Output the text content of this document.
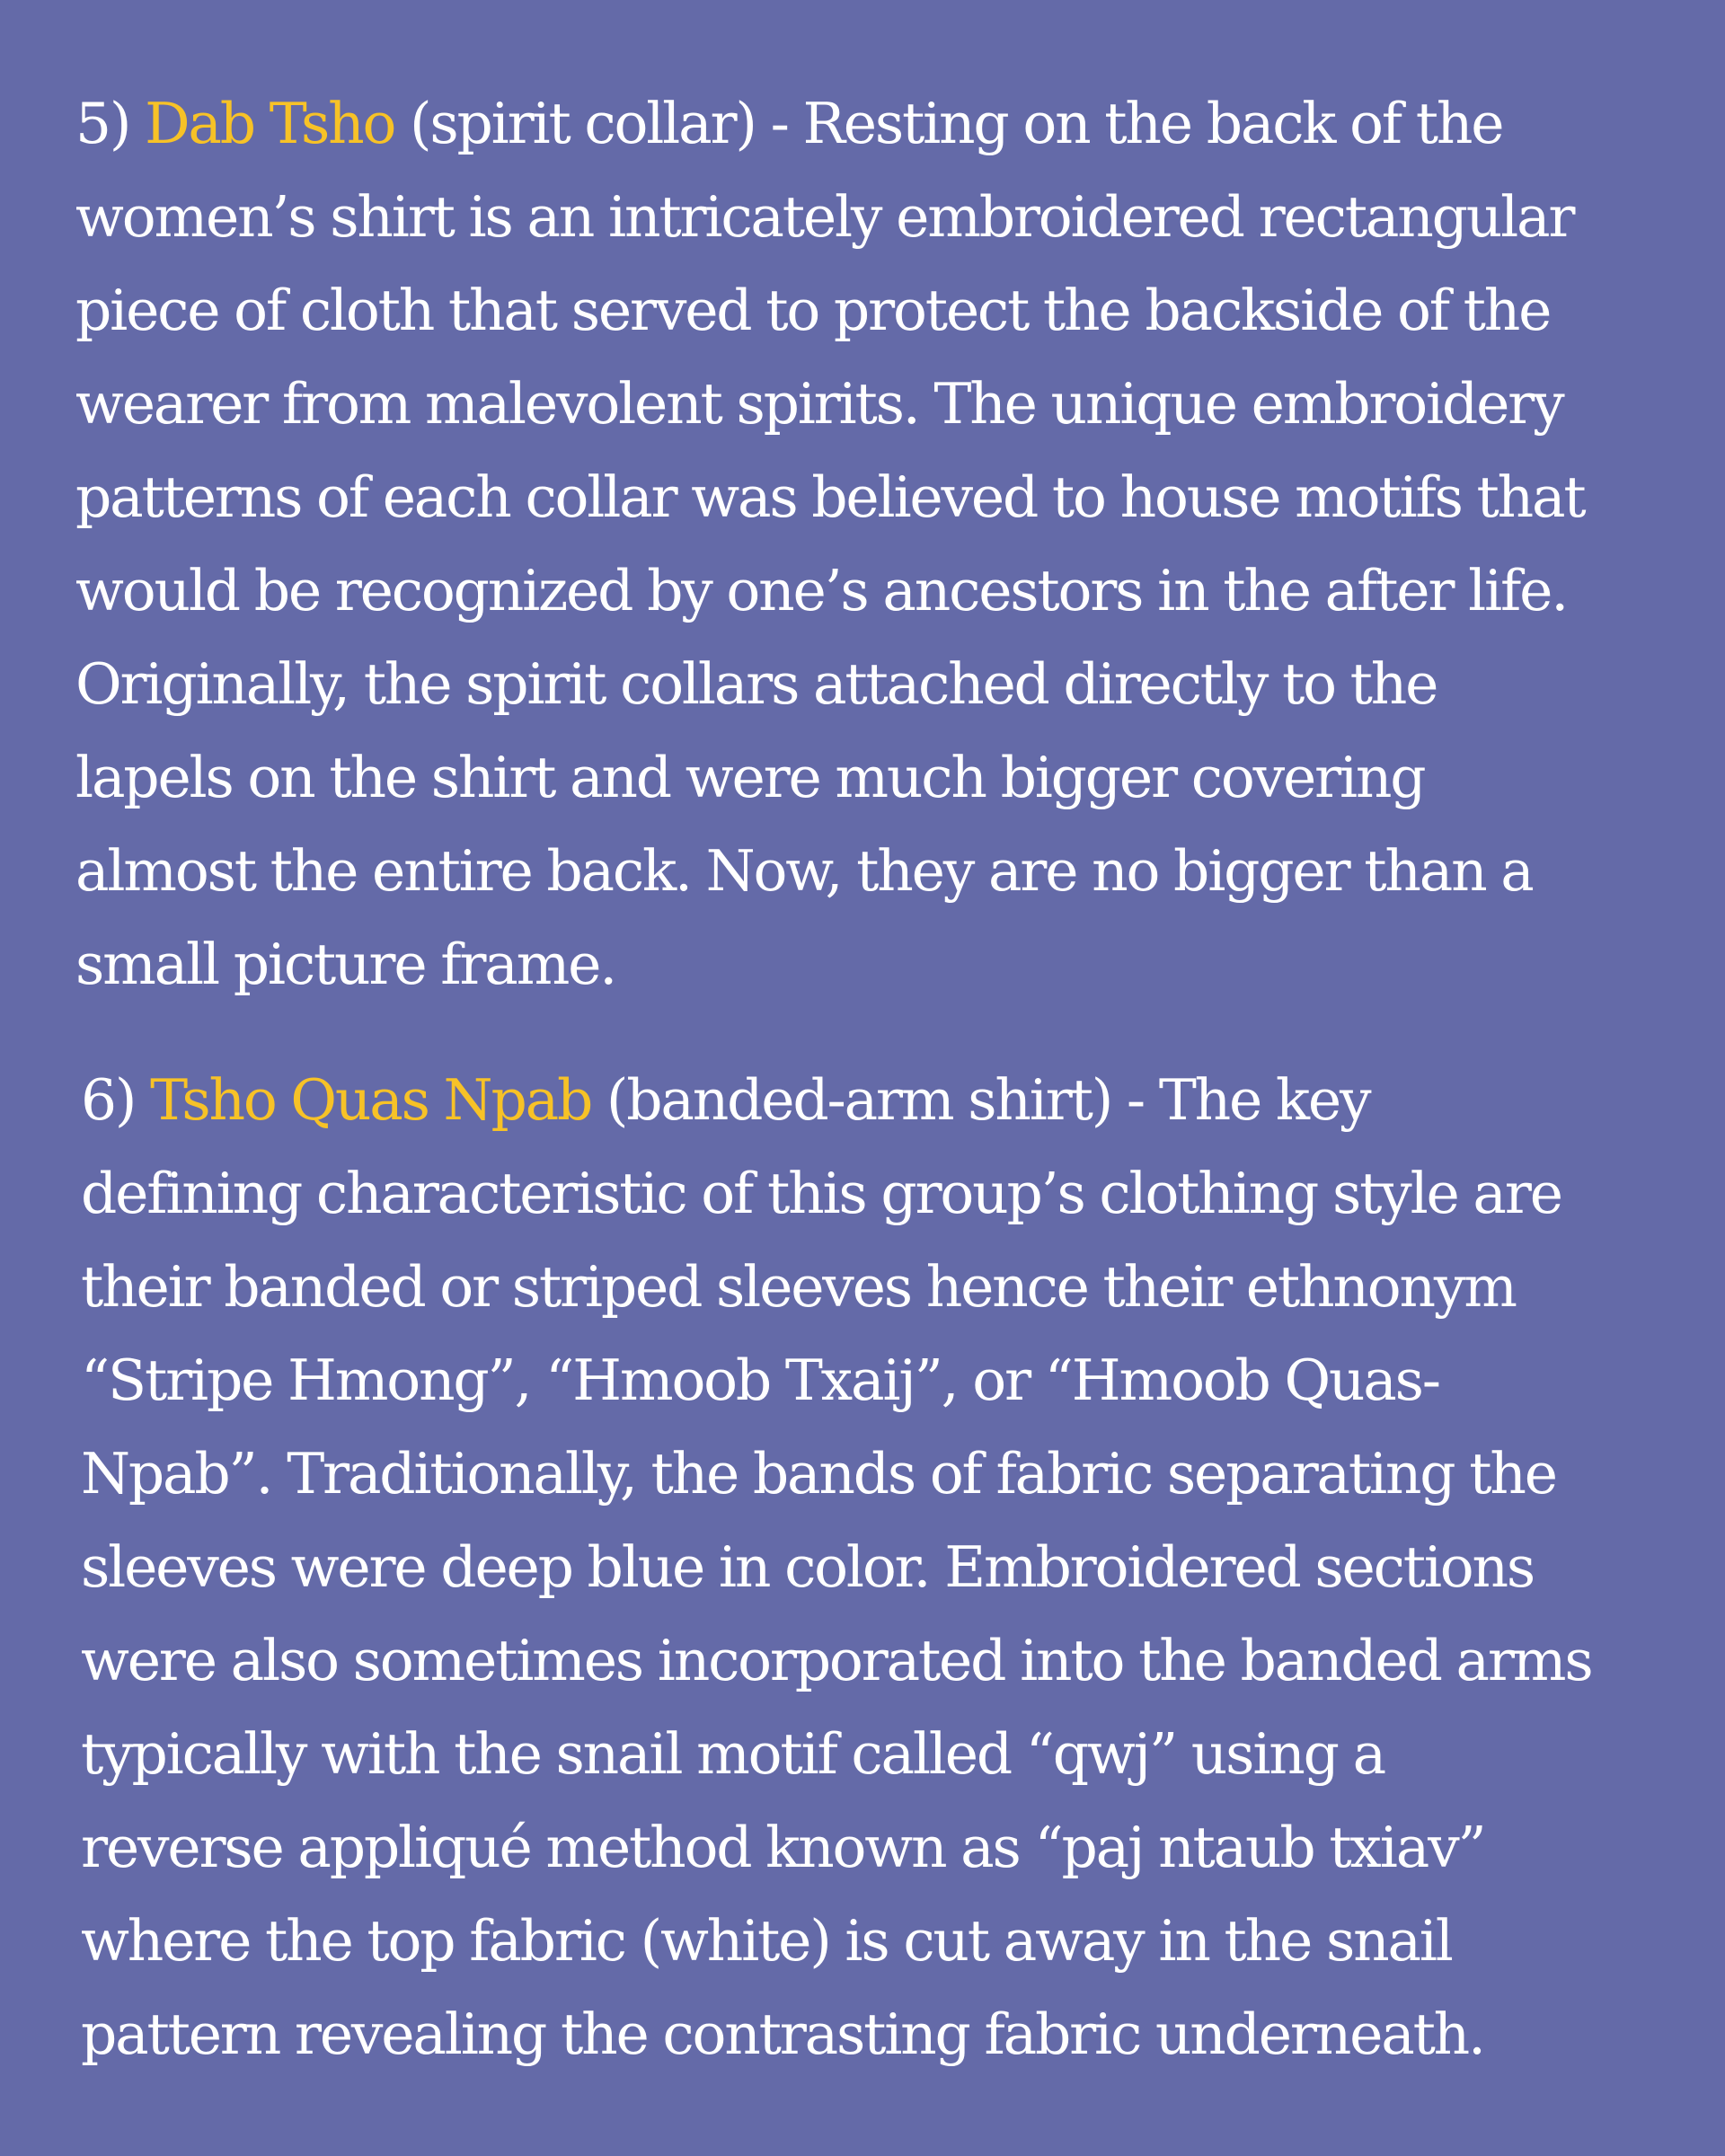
5) Dab Tsho (spirit collar) - Resting on the back of the
women’s shirt is an intricately embroidered rectangular
piece of cloth that served to protect the backside of the
wearer from malevolent spirits. The unique embroidery
patterns of each collar was believed to house motifs that
would be recognized by one’s ancestors in the after life.
Originally, the spirit collars attached directly to the
lapels on the shirt and were much bigger covering
almost the entire back. Now, they are no bigger than a
small picture frame.
6) Tsho Quas Npab (banded-arm shirt) - The key
defining characteristic of this group’s clothing style are
their banded or striped sleeves hence their ethnonym
“Stripe Hmong”, “Hmoob Txaij”, or “Hmoob Quas-
Npab”. Traditionally, the bands of fabric separating the
sleeves were deep blue in color. Embroidered sections
were also sometimes incorporated into the banded arms
typically with the snail motif called “qwj” using a
reverse appliqué method known as “paj ntaub txiav”
where the top fabric (white) is cut away in the snail
pattern revealing the contrasting fabric underneath.
